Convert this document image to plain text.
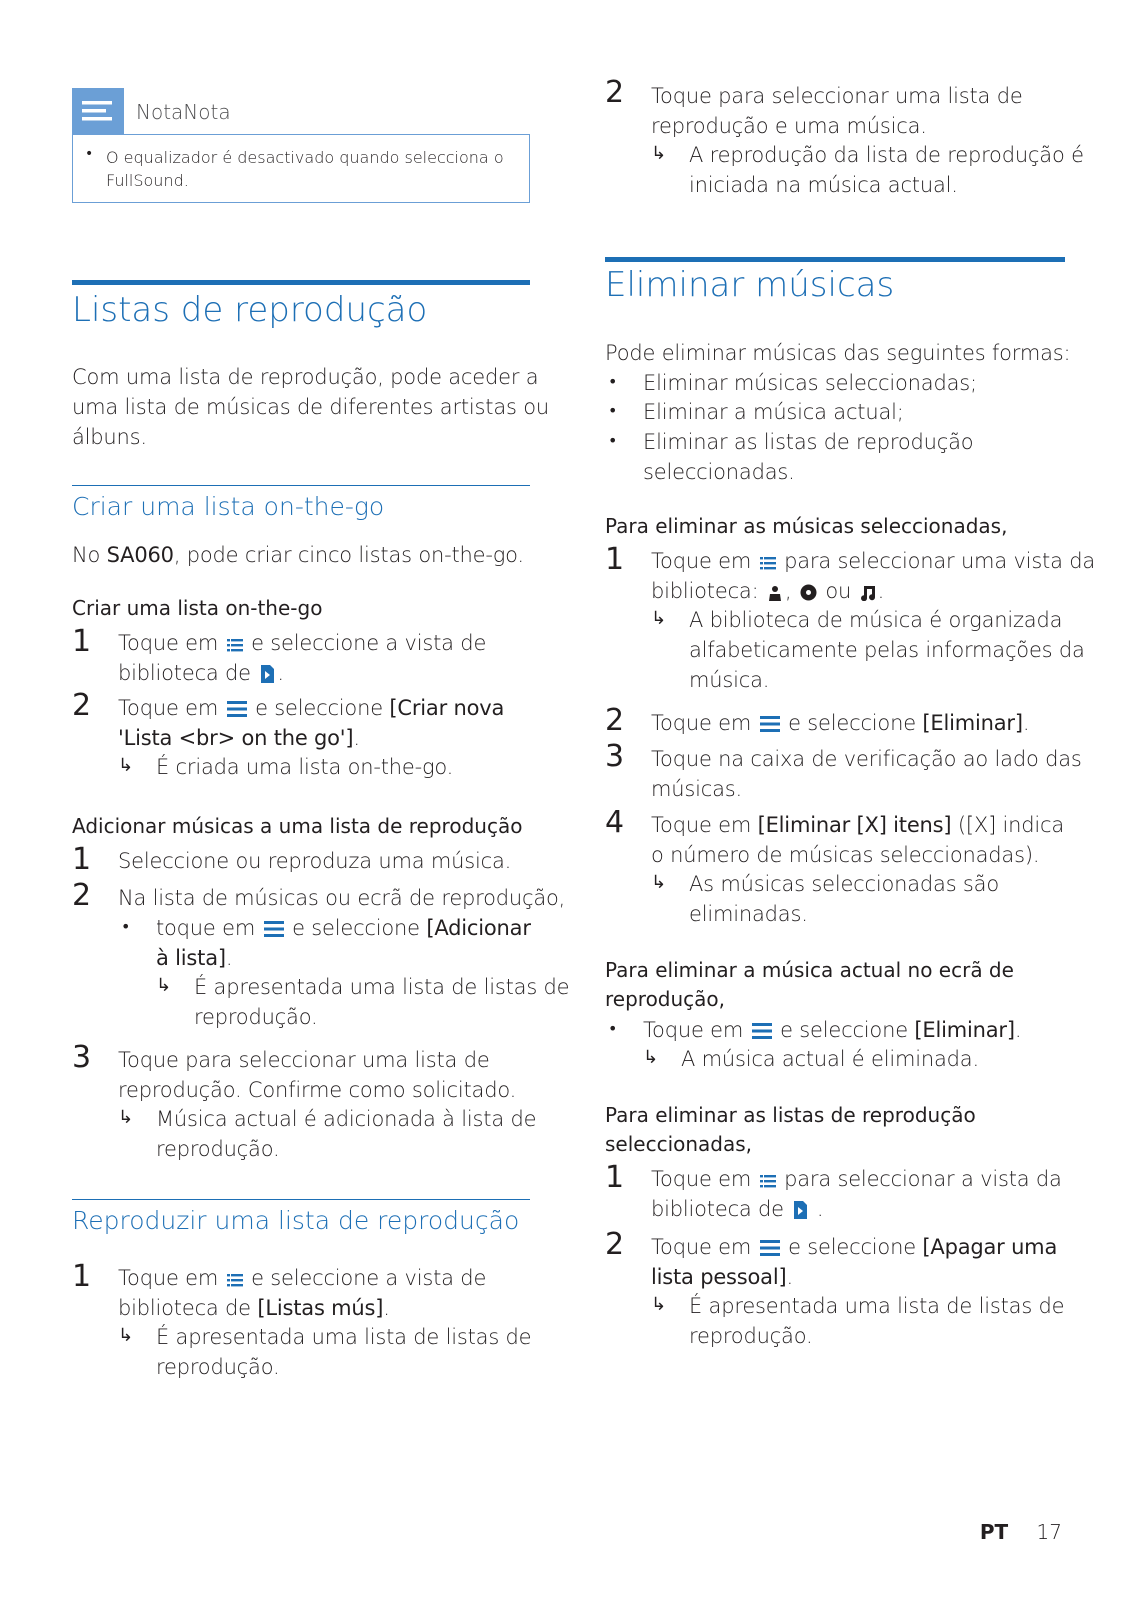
NotaNota
• O equalizador é desactivado quando selecciona o
FullSound.
Listas de reprodução
Com uma lista de reprodução, pode aceder a
uma lista de músicas de diferentes artistas ou
álbuns.
Criar uma lista on-the-go
No SA060, pode criar cinco listas on-the-go.
Criar uma lista on-the-go
1 Toque em e seleccione a vista de
biblioteca de .
2 Toque em e seleccione [Criar nova
'Lista <br> on the go'].
↳ É criada uma lista on-the-go.
Adicionar músicas a uma lista de reprodução
1 Seleccione ou reproduza uma música.
2 Na lista de músicas ou ecrã de reprodução,
• toque em e seleccione [Adicionar
à lista].
↳ É apresentada uma lista de listas de
reprodução.
3 Toque para seleccionar uma lista de
reprodução. Confirme como solicitado.
↳ Música actual é adicionada à lista de
reprodução.
Reproduzir uma lista de reprodução
1 Toque em e seleccione a vista de
biblioteca de [Listas mús].
↳ É apresentada uma lista de listas de
reprodução.
2 Toque para seleccionar uma lista de
reprodução e uma música.
↳ A reprodução da lista de reprodução é
iniciada na música actual.
Eliminar músicas
Pode eliminar músicas das seguintes formas:
• Eliminar músicas seleccionadas;
• Eliminar a música actual;
• Eliminar as listas de reprodução
seleccionadas.
Para eliminar as músicas seleccionadas,
1 Toque em para seleccionar uma vista da
biblioteca: , ou .
↳ A biblioteca de música é organizada
alfabeticamente pelas informações da
música.
2 Toque em e seleccione [Eliminar].
3 Toque na caixa de verificação ao lado das
músicas.
4 Toque em [Eliminar [X] itens] ([X] indica
o número de músicas seleccionadas).
↳ As músicas seleccionadas são
eliminadas.
Para eliminar a música actual no ecrã de
reprodução,
• Toque em e seleccione [Eliminar].
↳ A música actual é eliminada.
Para eliminar as listas de reprodução
seleccionadas,
1 Toque em para seleccionar a vista da
biblioteca de .
2 Toque em e seleccione [Apagar uma
lista pessoal].
↳ É apresentada uma lista de listas de
reprodução.
PT 17
